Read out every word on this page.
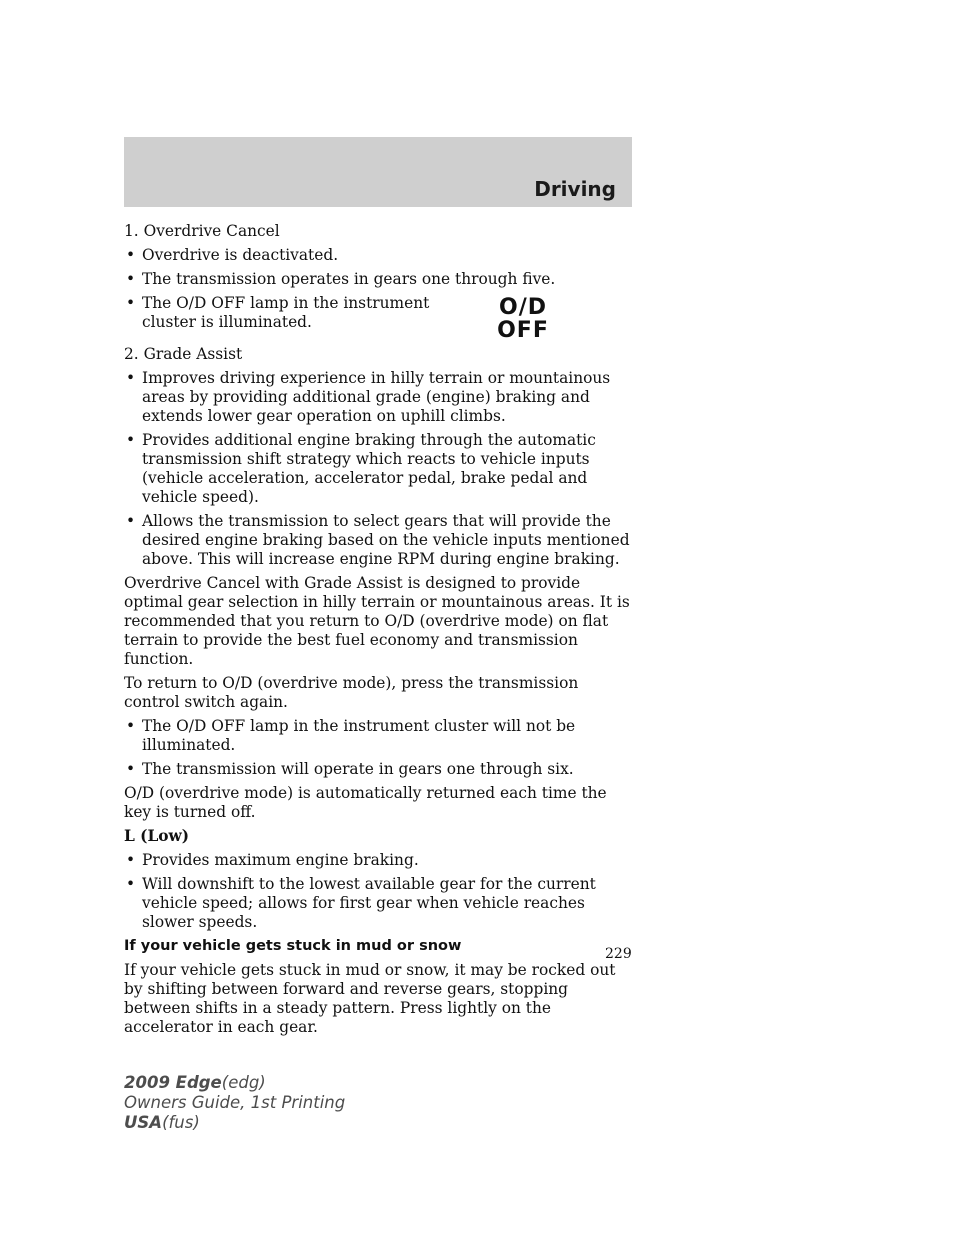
Driving

1. Overdrive Cancel

• Overdrive is deactivated.

• The transmission operates in gears one through five.

• The O/D OFF lamp in the instrument cluster is illuminated.

O/D
OFF

2. Grade Assist

• Improves driving experience in hilly terrain or mountainous areas by providing additional grade (engine) braking and extends lower gear operation on uphill climbs.

• Provides additional engine braking through the automatic transmission shift strategy which reacts to vehicle inputs (vehicle acceleration, accelerator pedal, brake pedal and vehicle speed).

• Allows the transmission to select gears that will provide the desired engine braking based on the vehicle inputs mentioned above. This will increase engine RPM during engine braking.

Overdrive Cancel with Grade Assist is designed to provide optimal gear selection in hilly terrain or mountainous areas. It is recommended that you return to O/D (overdrive mode) on flat terrain to provide the best fuel economy and transmission function.

To return to O/D (overdrive mode), press the transmission control switch again.

• The O/D OFF lamp in the instrument cluster will not be illuminated.

• The transmission will operate in gears one through six.

O/D (overdrive mode) is automatically returned each time the key is turned off.

L (Low)

• Provides maximum engine braking.

• Will downshift to the lowest available gear for the current vehicle speed; allows for first gear when vehicle reaches slower speeds.

If your vehicle gets stuck in mud or snow

If your vehicle gets stuck in mud or snow, it may be rocked out by shifting between forward and reverse gears, stopping between shifts in a steady pattern. Press lightly on the accelerator in each gear.

229

2009 Edge(edg)
Owners Guide, 1st Printing
USA(fus)
